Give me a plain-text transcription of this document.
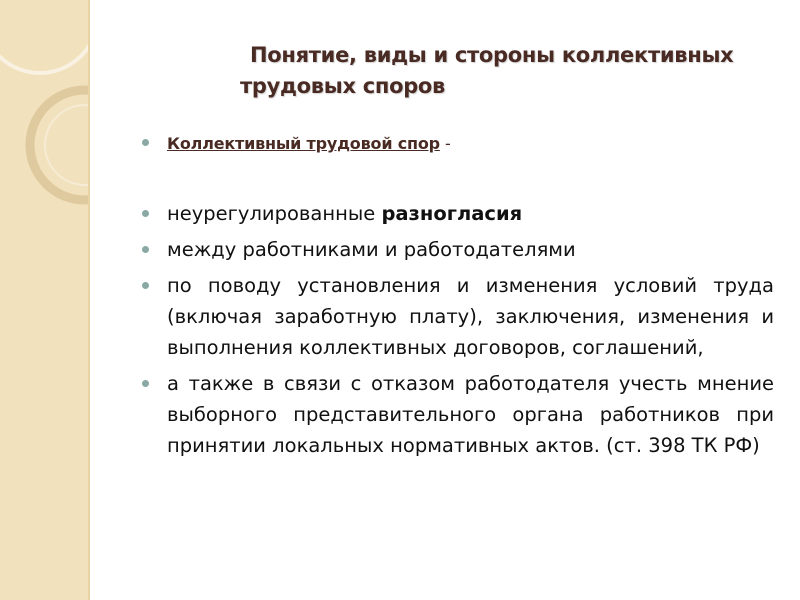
Понятие, виды и стороны коллективных
трудовых споров
Коллективный трудовой спор -
неурегулированные разногласия
между работниками и работодателями
по поводу установления и изменения условий труда (включая заработную плату), заключения, изменения и выполнения коллективных договоров, соглашений,
а также в связи с отказом работодателя учесть мнение выборного представительного органа работников при принятии локальных нормативных актов. (ст. 398 ТК РФ)
